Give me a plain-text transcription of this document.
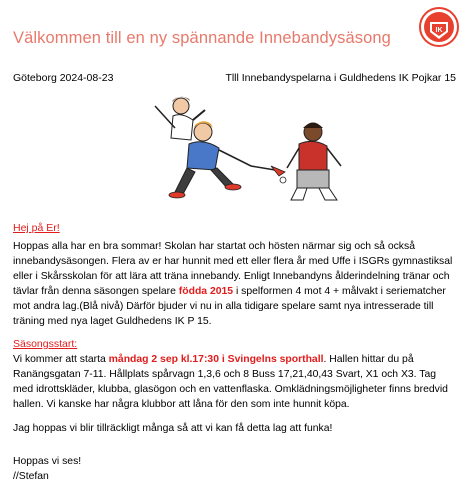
Välkommen till en ny spännande Innebandysäsong	IK
Göteborg 2024-08-23	Tlll Innebandyspelarna i Guldhedens IK Pojkar 15
Hej på Er!
Hoppas alla har en bra sommar! Skolan har startat och hösten närmar sig och så också innebandysäsongen. Flera av er har hunnit med ett eller flera år med Uffe i ISGRs gymnastiksal eller i Skårsskolan för att lära att träna innebandy. Enligt Innebandyns ålderindelning tränar och tävlar från denna säsongen spelare födda 2015 i spelformen 4 mot 4 + målvakt i seriematcher mot andra lag.(Blå nivå) Därför bjuder vi nu in alla tidigare spelare samt nya intresserade till träning med nya laget Guldhedens IK P 15.
Säsongsstart:
Vi kommer att starta måndag 2 sep kl.17:30 i Svingelns sporthall. Hallen hittar du på Ranängsgatan 7-11. Hållplats spårvagn 1,3,6 och 8 Buss 17,21,40,43 Svart, X1 och X3. Tag med idrottskläder, klubba, glasögon och en vattenflaska. Omklädningsmöjligheter finns bredvid hallen. Vi kanske har några klubbor att låna för den som inte hunnit köpa.
Jag hoppas vi blir tillräckligt många så att vi kan få detta lag att funka!
Hoppas vi ses!
//Stefan
